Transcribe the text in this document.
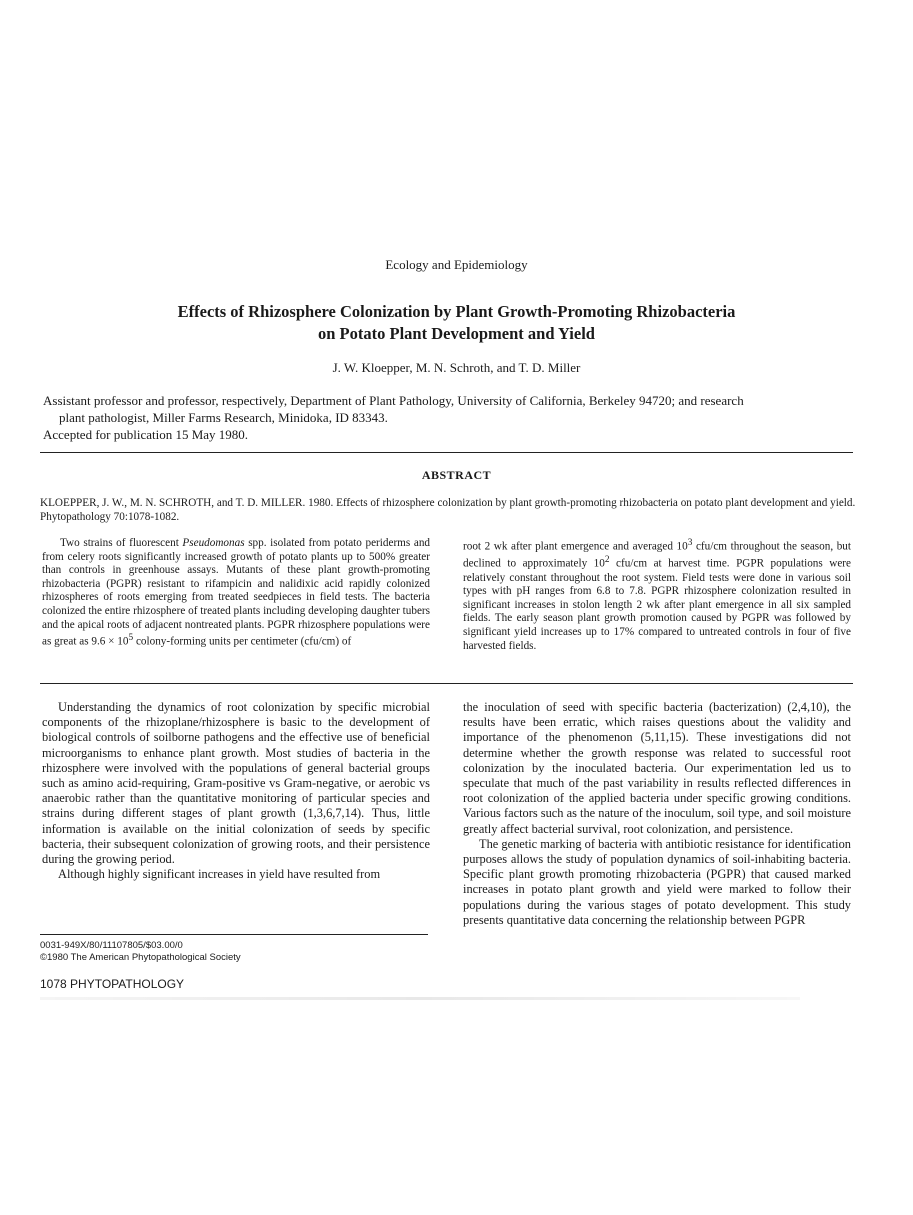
Ecology and Epidemiology
Effects of Rhizosphere Colonization by Plant Growth-Promoting Rhizobacteria
on Potato Plant Development and Yield
J. W. Kloepper, M. N. Schroth, and T. D. Miller
Assistant professor and professor, respectively, Department of Plant Pathology, University of California, Berkeley 94720; and research
plant pathologist, Miller Farms Research, Minidoka, ID 83343.
Accepted for publication 15 May 1980.
ABSTRACT
KLOEPPER, J. W., M. N. SCHROTH, and T. D. MILLER. 1980. Effects of rhizosphere colonization by plant growth-promoting rhizobacteria on potato plant development and yield. Phytopathology 70:1078-1082.
Two strains of fluorescent Pseudomonas spp. isolated from potato periderms and from celery roots significantly increased growth of potato plants up to 500% greater than controls in greenhouse assays. Mutants of these plant growth-promoting rhizobacteria (PGPR) resistant to rifampicin and nalidixic acid rapidly colonized rhizospheres of roots emerging from treated seedpieces in field tests. The bacteria colonized the entire rhizosphere of treated plants including developing daughter tubers and the apical roots of adjacent nontreated plants. PGPR rhizosphere populations were as great as $9.6 \times 10^5$ colony-forming units per centimeter (cfu/cm) of
root 2 wk after plant emergence and averaged $10^3$ cfu/cm throughout the season, but declined to approximately $10^2$ cfu/cm at harvest time. PGPR populations were relatively constant throughout the root system. Field tests were done in various soil types with pH ranges from 6.8 to 7.8. PGPR rhizosphere colonization resulted in significant increases in stolon length 2 wk after plant emergence in all six sampled fields. The early season plant growth promotion caused by PGPR was followed by significant yield increases up to 17% compared to untreated controls in four of five harvested fields.

Understanding the dynamics of root colonization by specific microbial components of the rhizoplane/rhizosphere is basic to the development of biological controls of soilborne pathogens and the effective use of beneficial microorganisms to enhance plant growth. Most studies of bacteria in the rhizosphere were involved with the populations of general bacterial groups such as amino acid-requiring, Gram-positive vs Gram-negative, or aerobic vs anaerobic rather than the quantitative monitoring of particular species and strains during different stages of plant growth (1,3,6,7,14). Thus, little information is available on the initial colonization of seeds by specific bacteria, their subsequent colonization of growing roots, and their persistence during the growing period.

Although highly significant increases in yield have resulted from

the inoculation of seed with specific bacteria (bacterization) (2,4,10), the results have been erratic, which raises questions about the validity and importance of the phenomenon (5,11,15). These investigations did not determine whether the growth response was related to successful root colonization by the inoculated bacteria. Our experimentation led us to speculate that much of the past variability in results reflected differences in root colonization of the applied bacteria under specific growing conditions. Various factors such as the nature of the inoculum, soil type, and soil moisture greatly affect bacterial survival, root colonization, and persistence.

The genetic marking of bacteria with antibiotic resistance for identification purposes allows the study of population dynamics of soil-inhabiting bacteria. Specific plant growth promoting rhizobacteria (PGPR) that caused marked increases in potato plant growth and yield were marked to follow their populations during the various stages of potato development. This study presents quantitative data concerning the relationship between PGPR

0031-949X/80/11107805/$03.00/0
©1980 The American Phytopathological Society
1078 PHYTOPATHOLOGY
